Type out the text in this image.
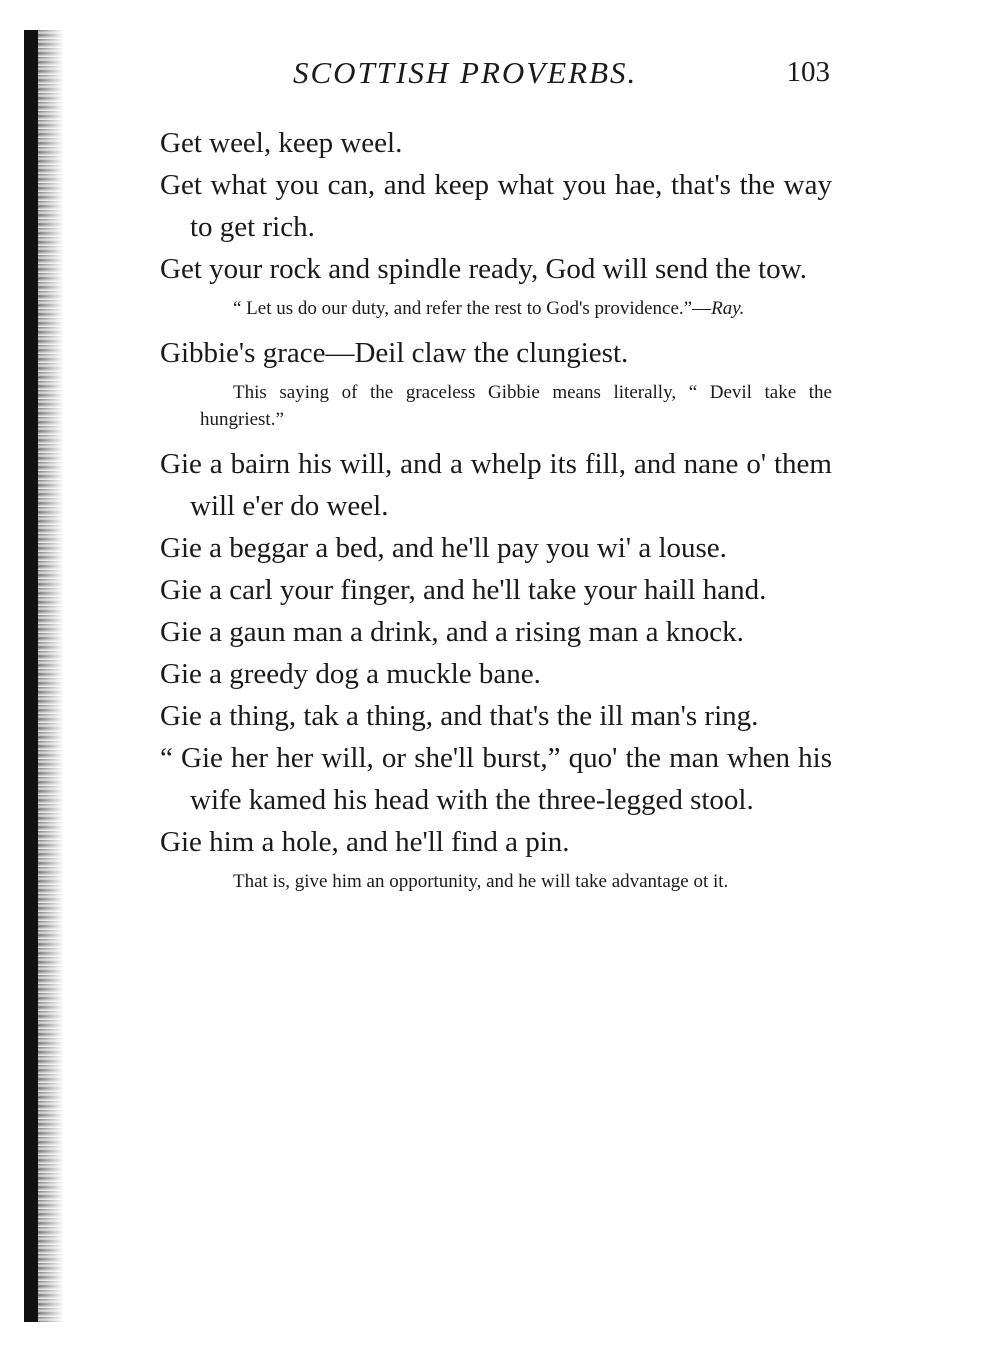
SCOTTISH PROVERBS.	103

Get weel, keep weel.

Get what you can, and keep what you hae, that's the way to get rich.

Get your rock and spindle ready, God will send the tow.

“ Let us do our duty, and refer the rest to God's providence.”—Ray.

Gibbie's grace—Deil claw the clungiest.

This saying of the graceless Gibbie means literally, “ Devil take the hungriest.”

Gie a bairn his will, and a whelp its fill, and nane o' them will e'er do weel.

Gie a beggar a bed, and he'll pay you wi' a louse.

Gie a carl your finger, and he'll take your haill hand.

Gie a gaun man a drink, and a rising man a knock.

Gie a greedy dog a muckle bane.

Gie a thing, tak a thing, and that's the ill man's ring.

“ Gie her her will, or she'll burst,” quo' the man when his wife kamed his head with the three-legged stool.

Gie him a hole, and he'll find a pin.

That is, give him an opportunity, and he will take advantage ot it.
